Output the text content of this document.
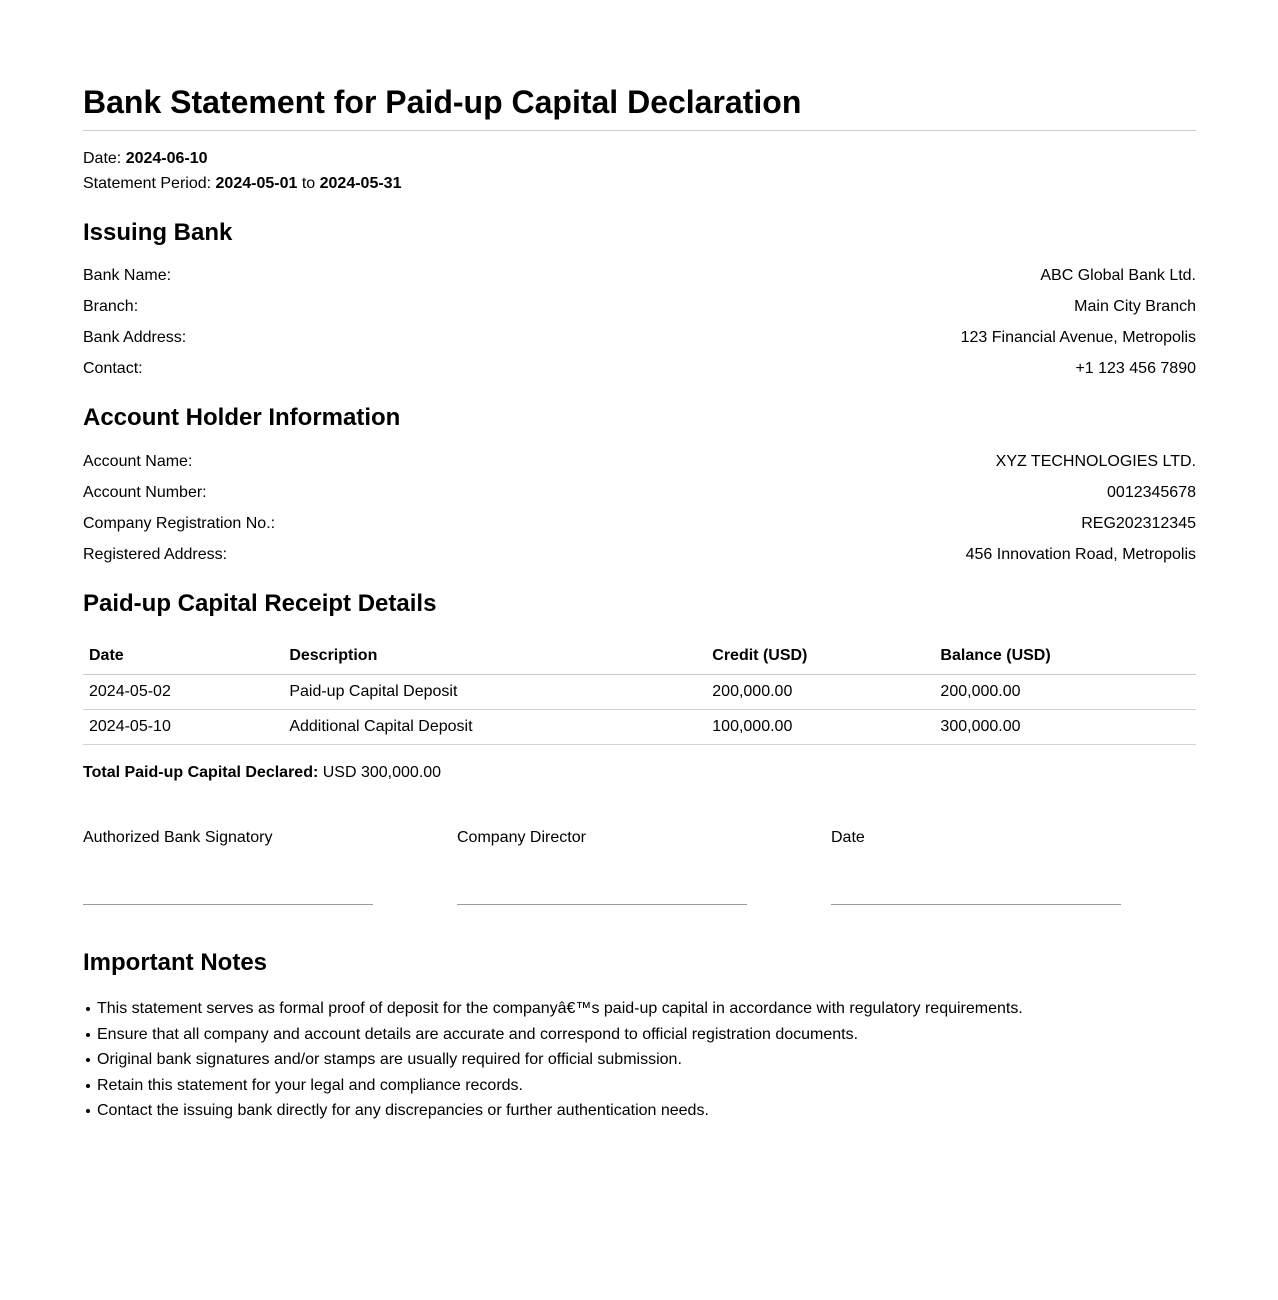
Bank Statement for Paid-up Capital Declaration

Date: 2024-06-10

Statement Period: 2024-05-01 to 2024-05-31

Issuing Bank
Bank Name:	ABC Global Bank Ltd.
Branch:	Main City Branch
Bank Address:	123 Financial Avenue, Metropolis
Contact:	+1 123 456 7890
Account Holder Information
Account Name:	XYZ TECHNOLOGIES LTD.
Account Number:	0012345678
Company Registration No.:	REG202312345
Registered Address:	456 Innovation Road, Metropolis
Paid-up Capital Receipt Details
Date	Description	Credit (USD)	Balance (USD)
2024-05-02	Paid-up Capital Deposit	200,000.00	200,000.00
2024-05-10	Additional Capital Deposit	100,000.00	300,000.00

Total Paid-up Capital Declared: USD 300,000.00

Authorized Bank Signatory	Company Director	Date
Important Notes
This statement serves as formal proof of deposit for the companyâ€™s paid-up capital in accordance with regulatory requirements.
Ensure that all company and account details are accurate and correspond to official registration documents.
Original bank signatures and/or stamps are usually required for official submission.
Retain this statement for your legal and compliance records.
Contact the issuing bank directly for any discrepancies or further authentication needs.
